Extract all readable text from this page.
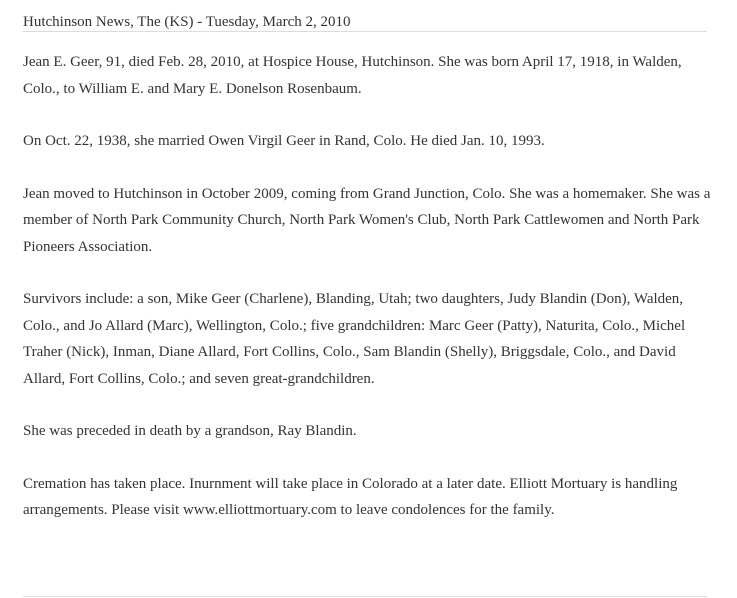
Hutchinson News, The (KS) - Tuesday, March 2, 2010

Jean E. Geer, 91, died Feb. 28, 2010, at Hospice House, Hutchinson. She was born April 17, 1918, in Walden, Colo., to William E. and Mary E. Donelson Rosenbaum.

On Oct. 22, 1938, she married Owen Virgil Geer in Rand, Colo. He died Jan. 10, 1993.

Jean moved to Hutchinson in October 2009, coming from Grand Junction, Colo. She was a homemaker. She was a member of North Park Community Church, North Park Women's Club, North Park Cattlewomen and North Park Pioneers Association.

Survivors include: a son, Mike Geer (Charlene), Blanding, Utah; two daughters, Judy Blandin (Don), Walden, Colo., and Jo Allard (Marc), Wellington, Colo.; five grandchildren: Marc Geer (Patty), Naturita, Colo., Michel Traher (Nick), Inman, Diane Allard, Fort Collins, Colo., Sam Blandin (Shelly), Briggsdale, Colo., and David Allard, Fort Collins, Colo.; and seven great-grandchildren.

She was preceded in death by a grandson, Ray Blandin.

Cremation has taken place. Inurnment will take place in Colorado at a later date. Elliott Mortuary is handling arrangements. Please visit www.elliottmortuary.com to leave condolences for the family.
